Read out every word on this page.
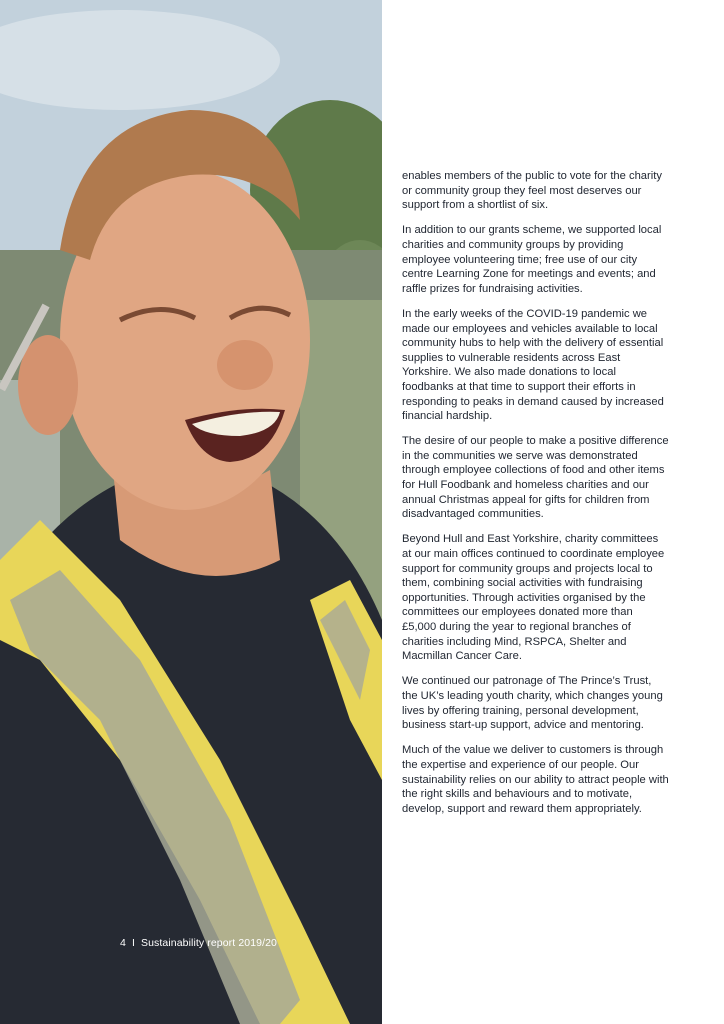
4 I Sustainability report 2019/20

enables members of the public to vote for the charity or community group they feel most deserves our support from a shortlist of six.

In addition to our grants scheme, we supported local charities and community groups by providing employee volunteering time; free use of our city centre Learning Zone for meetings and events; and raffle prizes for fundraising activities.

In the early weeks of the COVID-19 pandemic we made our employees and vehicles available to local community hubs to help with the delivery of essential supplies to vulnerable residents across East Yorkshire. We also made donations to local foodbanks at that time to support their efforts in responding to peaks in demand caused by increased financial hardship.

The desire of our people to make a positive difference in the communities we serve was demonstrated through employee collections of food and other items for Hull Foodbank and homeless charities and our annual Christmas appeal for gifts for children from disadvantaged communities.

Beyond Hull and East Yorkshire, charity committees at our main offices continued to coordinate employee support for community groups and projects local to them, combining social activities with fundraising opportunities. Through activities organised by the committees our employees donated more than £5,000 during the year to regional branches of charities including Mind, RSPCA, Shelter and Macmillan Cancer Care.

We continued our patronage of The Prince’s Trust, the UK’s leading youth charity, which changes young lives by offering training, personal development, business start-up support, advice and mentoring.

Much of the value we deliver to customers is through the expertise and experience of our people. Our sustainability relies on our ability to attract people with the right skills and behaviours and to motivate, develop, support and reward them appropriately.
